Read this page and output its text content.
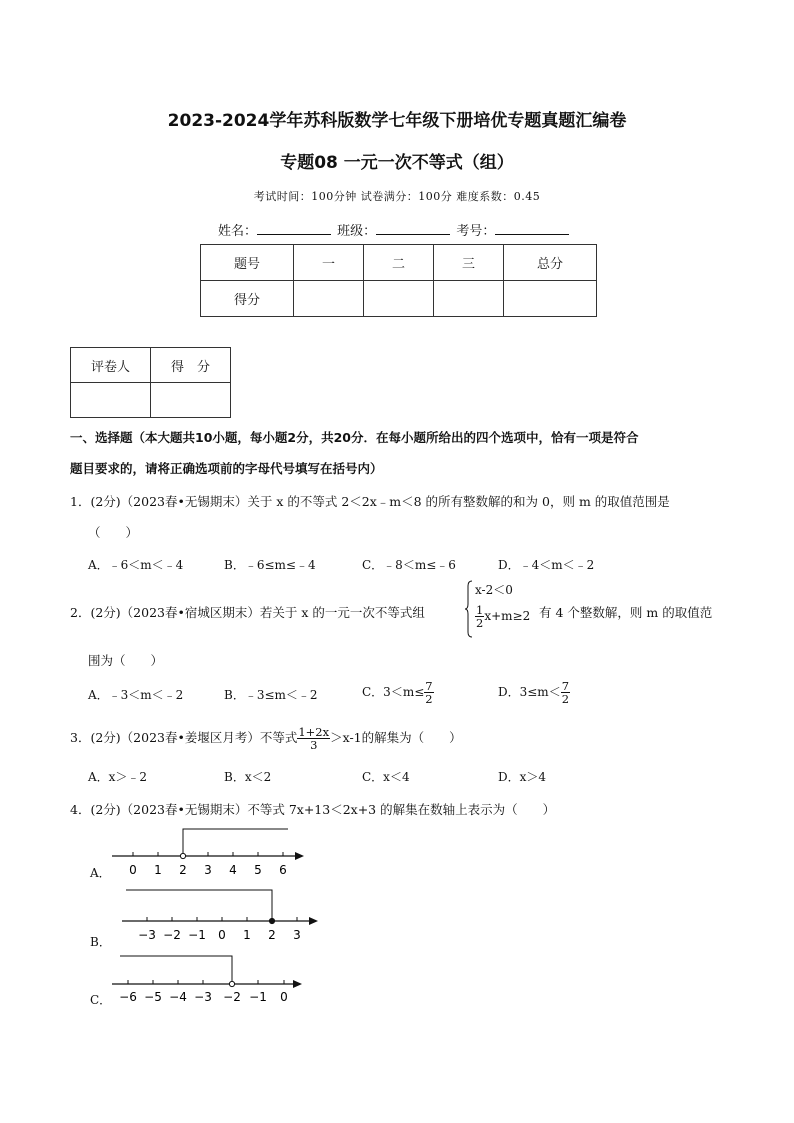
2023-2024学年苏科版数学七年级下册培优专题真题汇编卷
专题08 一元一次不等式（组）
考试时间：100分钟 试卷满分：100分 难度系数：0.45
姓名：	班级：	考号：
题号	一	二	三	总分
得分				
评卷人	得　分

一、选择题（本大题共10小题，每小题2分，共20分．在每小题所给出的四个选项中，恰有一项是符合
题目要求的，请将正确选项前的字母代号填写在括号内）
1．(2分)（2023春•无锡期末）关于 x 的不等式 2＜2x﹣m＜8 的所有整数解的和为 0，则 m 的取值范围是
（　　）
A．﹣6＜m＜﹣4	B．﹣6≤m≤﹣4	C．﹣8＜m≤﹣6	D．﹣4＜m＜﹣2
2．(2分)（2023春•宿城区期末）若关于 x 的一元一次不等式组
x-2＜0
$\frac{1}{2} x+m\ge 2$ 有 4 个整数解，则 m 的取值范
围为（　　）
A．﹣3＜m＜﹣2	B．﹣3≤m＜﹣2	C．$3<m\le \frac{7}{2}$	D．$3\le m< \frac{7}{2}$
3．(2分)（2023春•姜堰区月考）不等式 $\frac{1+2x}{3} >x-1$的解集为（　　）
A．x＞﹣2	B．x＜2	C．x＜4	D．x＞4
4．(2分)（2023春•无锡期末）不等式 7x+13＜2x+3 的解集在数轴上表示为（　　）
A． 0 1 2 3 4 5 6
B． −3 −2 −1 0 1 2 3
C． −6 −5 −4 −3 −2 −1 0
